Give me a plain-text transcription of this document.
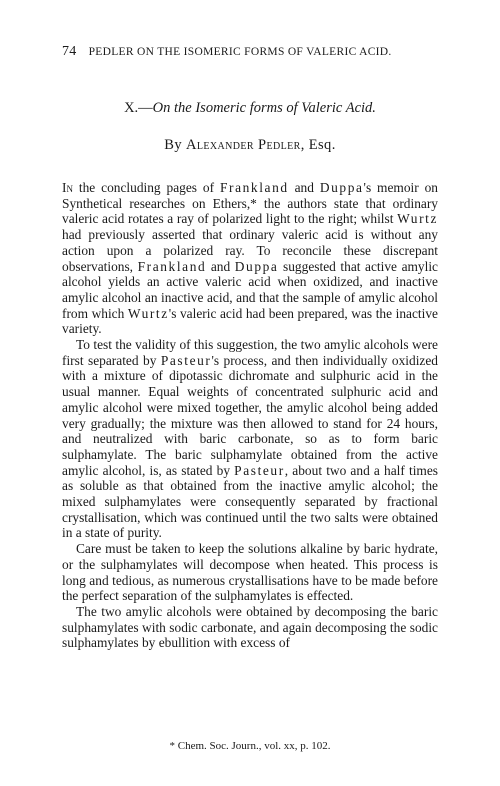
74 PEDLER ON THE ISOMERIC FORMS OF VALERIC ACID.
X.—On the Isomeric forms of Valeric Acid.
By Alexander Pedler, Esq.

In the concluding pages of Frankland and Duppa's memoir on Synthetical researches on Ethers,* the authors state that ordinary valeric acid rotates a ray of polarized light to the right; whilst Wurtz had previously asserted that ordinary valeric acid is without any action upon a polarized ray. To reconcile these discrepant observations, Frankland and Duppa suggested that active amylic alcohol yields an active valeric acid when oxidized, and inactive amylic alcohol an inactive acid, and that the sample of amylic alcohol from which Wurtz's valeric acid had been prepared, was the inactive variety.

To test the validity of this suggestion, the two amylic alcohols were first separated by Pasteur's process, and then individually oxidized with a mixture of dipotassic dichromate and sulphuric acid in the usual manner. Equal weights of concentrated sulphuric acid and amylic alcohol were mixed together, the amylic alcohol being added very gradually; the mixture was then allowed to stand for 24 hours, and neutralized with baric carbonate, so as to form baric sulphamylate. The baric sulphamylate obtained from the active amylic alcohol, is, as stated by Pasteur, about two and a half times as soluble as that obtained from the inactive amylic alcohol; the mixed sulphamylates were consequently separated by fractional crystallisation, which was continued until the two salts were obtained in a state of purity.

Care must be taken to keep the solutions alkaline by baric hydrate, or the sulphamylates will decompose when heated. This process is long and tedious, as numerous crystallisations have to be made before the perfect separation of the sulphamylates is effected.

The two amylic alcohols were obtained by decomposing the baric sulphamylates with sodic carbonate, and again decomposing the sodic sulphamylates by ebullition with excess of

* Chem. Soc. Journ., vol. xx, p. 102.
